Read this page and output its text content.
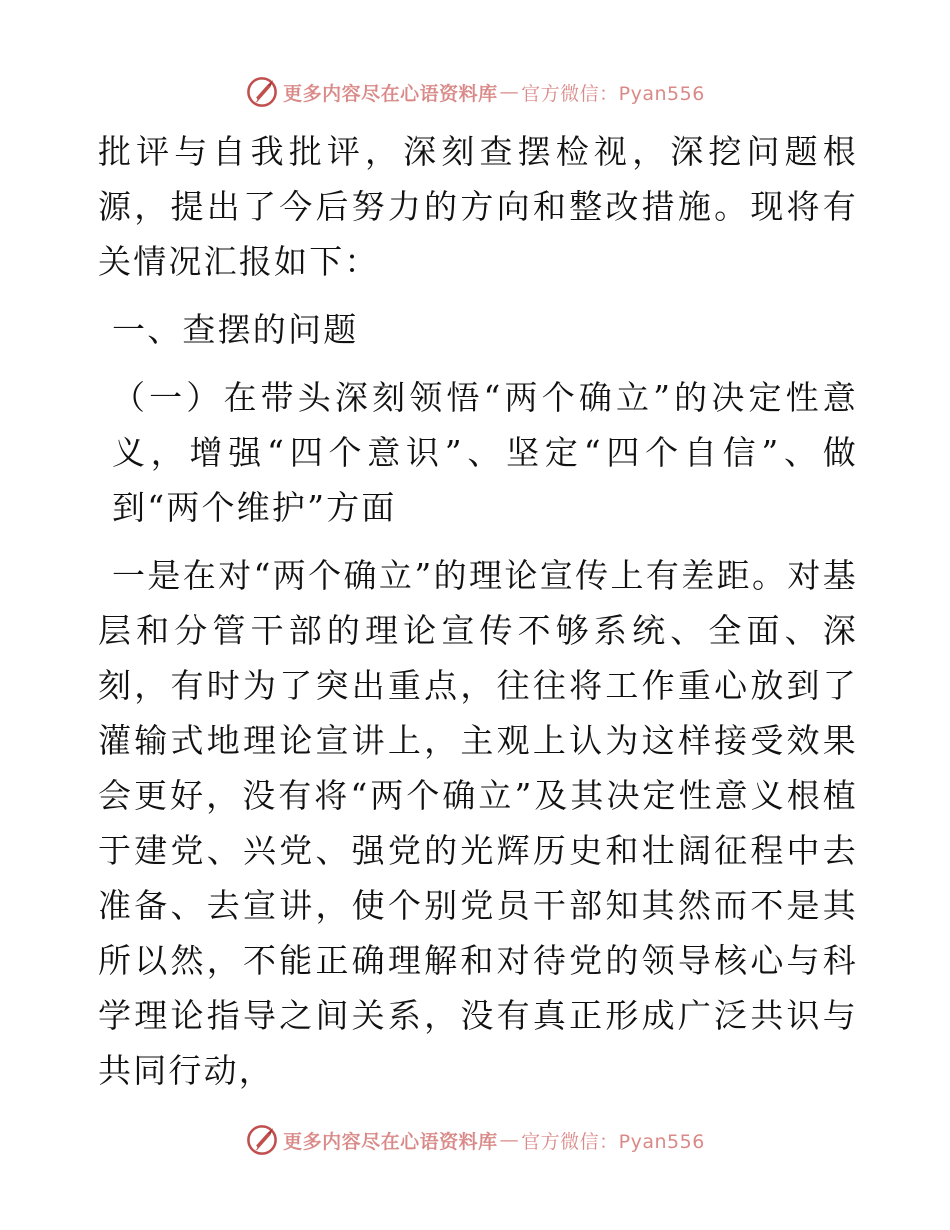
更多内容尽在心语资料库 — 官方微信：Pyan556

批评与自我批评，深刻查摆检视，深挖问题根源，提出了今后努力的方向和整改措施。现将有关情况汇报如下：

一、查摆的问题

（一）在带头深刻领悟“两个确立”的决定性意义，增强“四个意识”、坚定“四个自信”、做到“两个维护”方面

一是在对“两个确立”的理论宣传上有差距。对基层和分管干部的理论宣传不够系统、全面、深刻，有时为了突出重点，往往将工作重心放到了灌输式地理论宣讲上，主观上认为这样接受效果会更好，没有将“两个确立”及其决定性意义根植于建党、兴党、强党的光辉历史和壮阔征程中去准备、去宣讲，使个别党员干部知其然而不是其所以然，不能正确理解和对待党的领导核心与科学理论指导之间关系，没有真正形成广泛共识与共同行动，

更多内容尽在心语资料库 — 官方微信：Pyan556
